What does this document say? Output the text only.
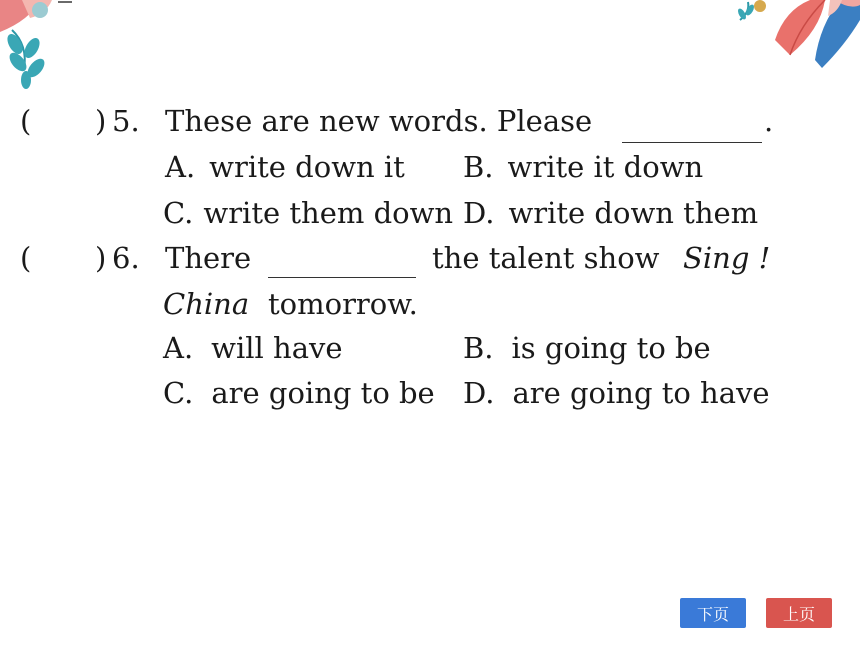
( ) 5. These are new words. Please	.
A. write down it B. write it down
C. write them down D. write down them
( ) 6. There	the talent show Sing !
China tomorrow.
A. will have	B. is going to be
C. are going to be D. are going to have
下页	上页
